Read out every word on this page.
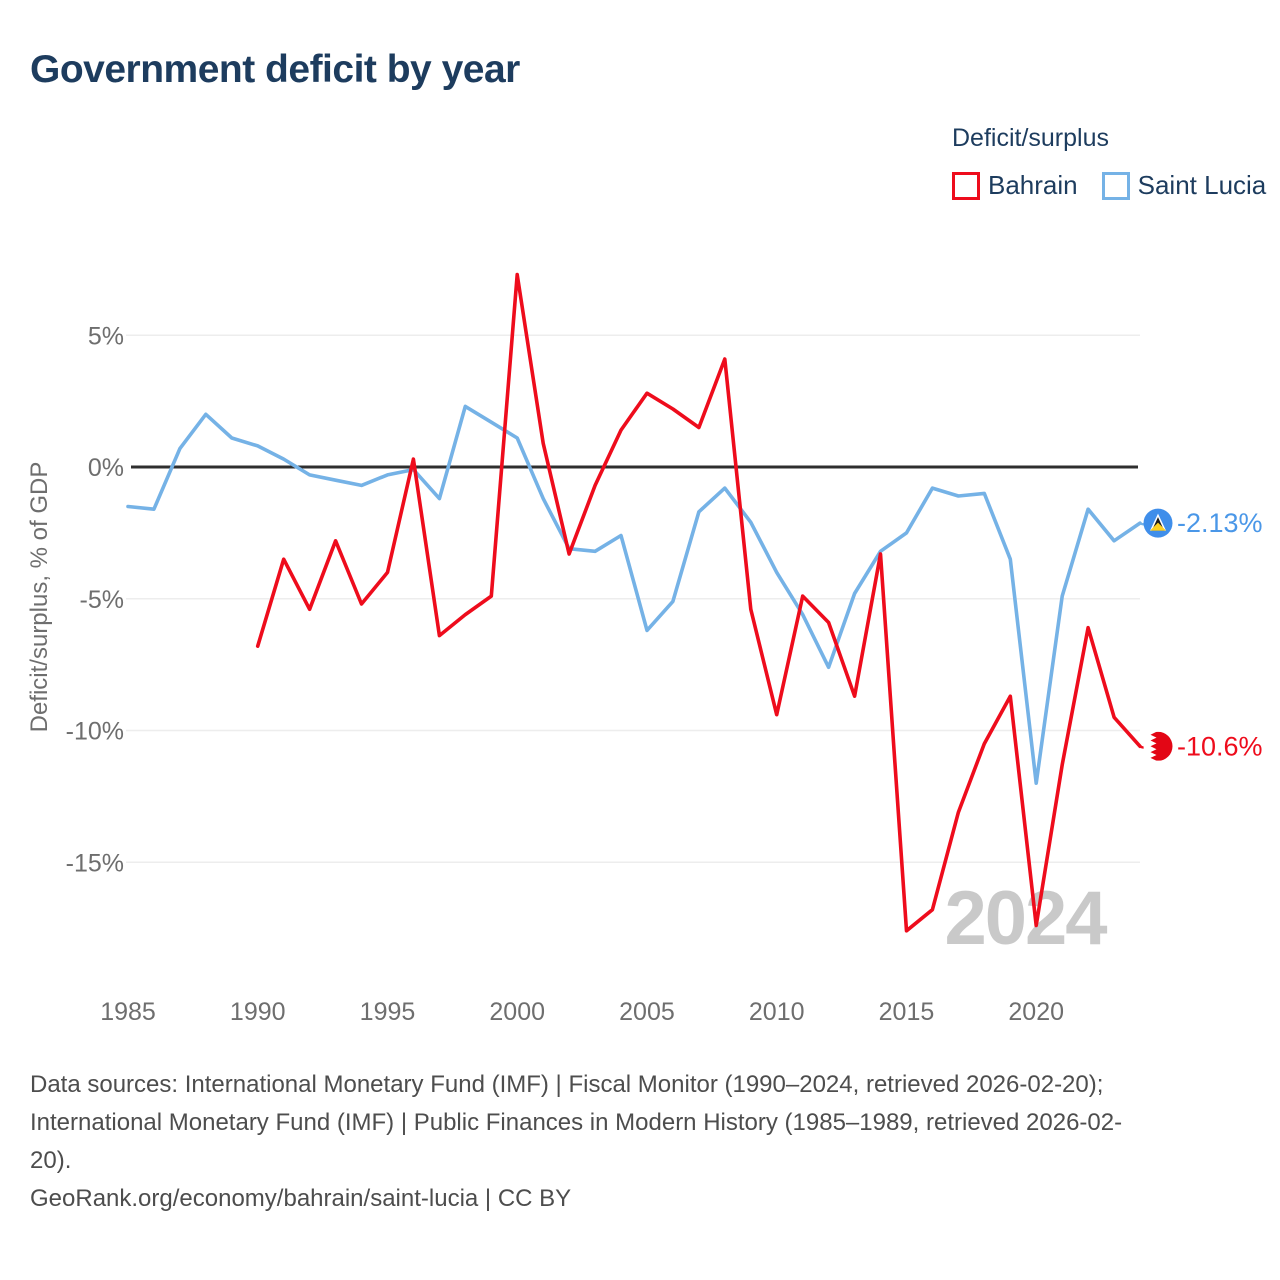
Government deficit by year
Deficit/surplus
Bahrain Saint Lucia
2024
5%
0%
-5%
-10%
-15%
Deficit/surplus, % of GDP
1985	1990	1995	2000	2005	2010	2015	2020
-10.6%
-2.13%
Data sources: International Monetary Fund (IMF) | Fiscal Monitor (1990–2024, retrieved 2026-02-20);
International Monetary Fund (IMF) | Public Finances in Modern History (1985–1989, retrieved 2026-02-
20).
GeoRank.org/economy/bahrain/saint-lucia | CC BY
